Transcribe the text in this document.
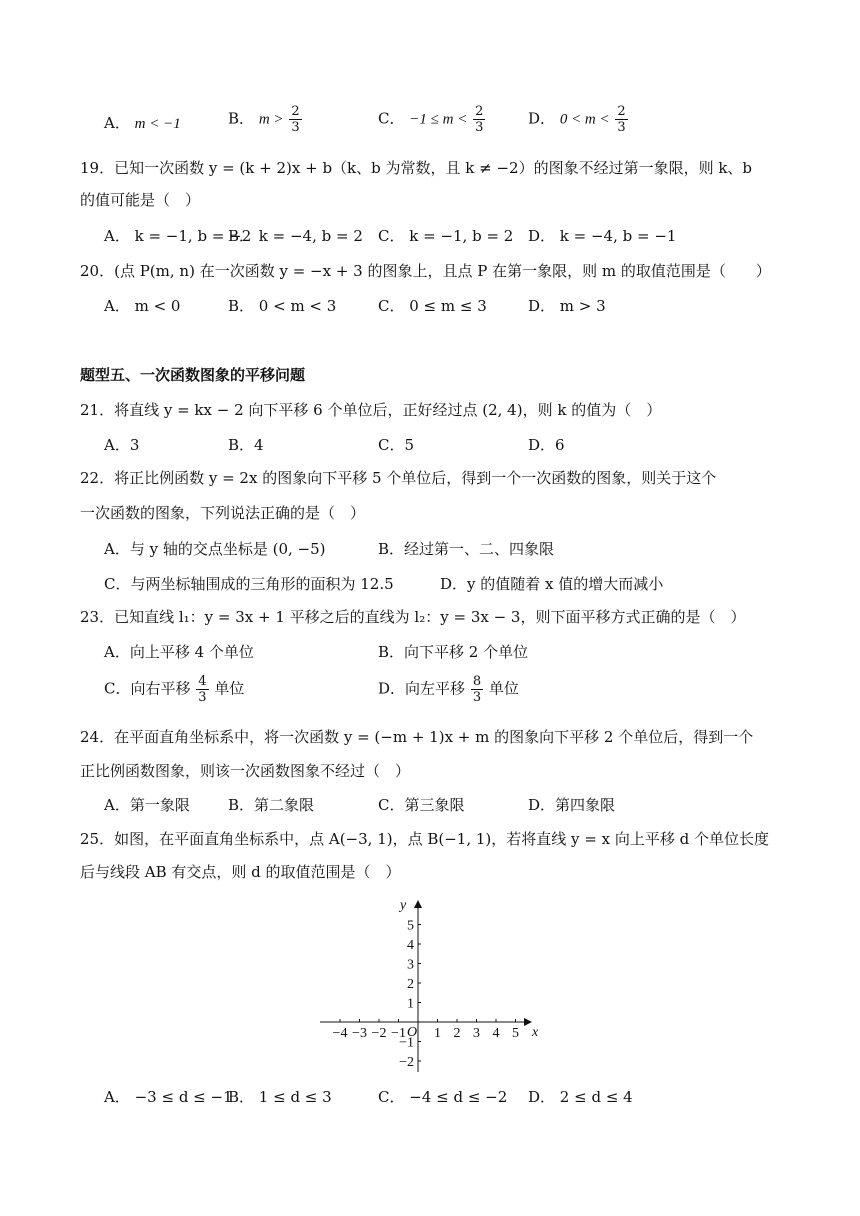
A． m < −1	B． $m > \frac{2}{3}$	C． $-1 \le m < \frac{2}{3}$	D． $0 < m < \frac{2}{3}$
19．已知一次函数 y = (k + 2)x + b（k、b 为常数，且 k ≠ −2）的图象不经过第一象限，则 k、b
的值可能是（　）
A． k = −1, b = −2
B． k = −4, b = 2 C． k = −1, b = 2 D． k = −4, b = −1
20．(点 P(m, n) 在一次函数 y = −x + 3 的图象上，且点 P 在第一象限，则 m 的取值范围是（　　）
A． m < 0	B． 0 < m < 3	C． 0 ≤ m ≤ 3	D． m > 3
题型五、一次函数图象的平移问题
21．将直线 y = kx − 2 向下平移 6 个单位后，正好经过点 (2, 4)，则 k 的值为（　）
A．3	B．4	C．5	D．6
22．将正比例函数 y = 2x 的图象向下平移 5 个单位后，得到一个一次函数的图象，则关于这个
一次函数的图象，下列说法正确的是（　）
A．与 y 轴的交点坐标是 (0, −5)	B．经过第一、二、四象限
C．与两坐标轴围成的三角形的面积为 12.5	D．y 的值随着 x 值的增大而减小
23．已知直线 l₁：y = 3x + 1 平移之后的直线为 l₂：y = 3x − 3，则下面平移方式正确的是（　）
A．向上平移 4 个单位	B．向下平移 2 个单位
C．向右平移 $\frac{4}{3}$ 单位	D．向左平移 $\frac{8}{3}$ 单位
24．在平面直角坐标系中，将一次函数 y = (−m + 1)x + m 的图象向下平移 2 个单位后，得到一个
正比例函数图象，则该一次函数图象不经过（　）
A．第一象限	B．第二象限	C．第三象限	D．第四象限
25．如图，在平面直角坐标系中，点 A(−3, 1)，点 B(−1, 1)，若将直线 y = x 向上平移 d 个单位长度
后与线段 AB 有交点，则 d 的取值范围是（　）
−4 −3 −2 −1 1 2 3 4 5
5
4
3
2
1
−1
−2
y
x
O
A． −3 ≤ d ≤ −1
B． 1 ≤ d ≤ 3	C． −4 ≤ d ≤ −2 D． 2 ≤ d ≤ 4
